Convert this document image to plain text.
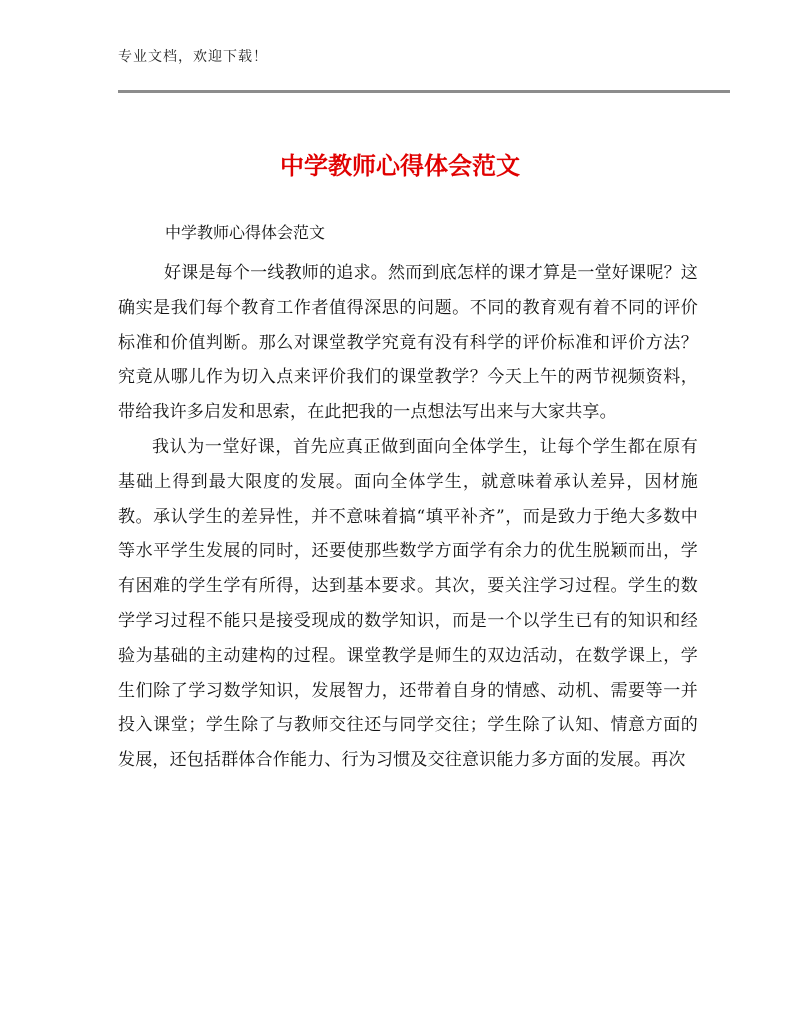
专业文档，欢迎下载！
中学教师心得体会范文
中学教师心得体会范文

好课是每个一线教师的追求。然而到底怎样的课才算是一堂好课呢？这确实是我们每个教育工作者值得深思的问题。不同的教育观有着不同的评价标准和价值判断。那么对课堂教学究竟有没有科学的评价标准和评价方法？究竟从哪儿作为切入点来评价我们的课堂教学？今天上午的两节视频资料，带给我许多启发和思索，在此把我的一点想法写出来与大家共享。

我认为一堂好课，首先应真正做到面向全体学生，让每个学生都在原有基础上得到最大限度的发展。面向全体学生，就意味着承认差异，因材施教。承认学生的差异性，并不意味着搞“填平补齐”，而是致力于绝大多数中等水平学生发展的同时，还要使那些数学方面学有余力的优生脱颖而出，学有困难的学生学有所得，达到基本要求。其次，要关注学习过程。学生的数学学习过程不能只是接受现成的数学知识，而是一个以学生已有的知识和经验为基础的主动建构的过程。课堂教学是师生的双边活动，在数学课上，学生们除了学习数学知识，发展智力，还带着自身的情感、动机、需要等一并投入课堂；学生除了与教师交往还与同学交往；学生除了认知、情意方面的发展，还包括群体合作能力、行为习惯及交往意识能力多方面的发展。再次
